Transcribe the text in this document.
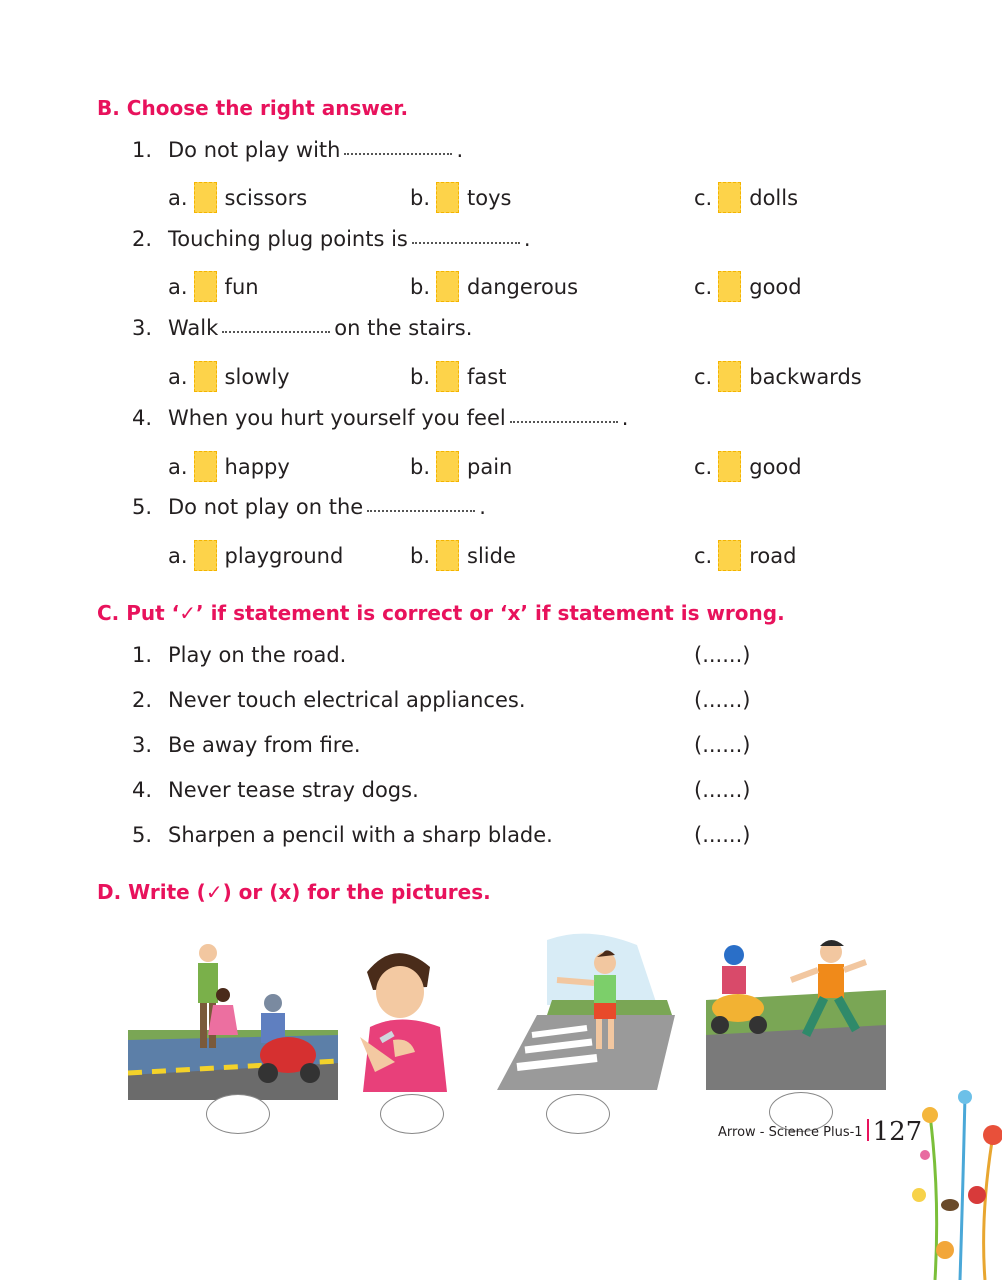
B. Choose the right answer.
1. Do not play with	.
a. scissors	b. toys	c. dolls
2. Touching plug points is	.
a. fun	b. dangerous	c. good
3. Walk	on the stairs.
a. slowly	b. fast	c. backwards
4. When you hurt yourself you feel	.
a. happy	b. pain	c. good
5. Do not play on the	.
a. playground	b. slide	c. road
C. Put ‘✓’ if statement is correct or ‘x’ if statement is wrong.
1. Play on the road.	(......)
2. Never touch electrical appliances.	(......)
3. Be away from fire.	(......)
4. Never tease stray dogs.	(......)
5. Sharpen a pencil with a sharp blade.	(......)
D. Write (✓) or (x) for the pictures.
Arrow - Science Plus-1 127
